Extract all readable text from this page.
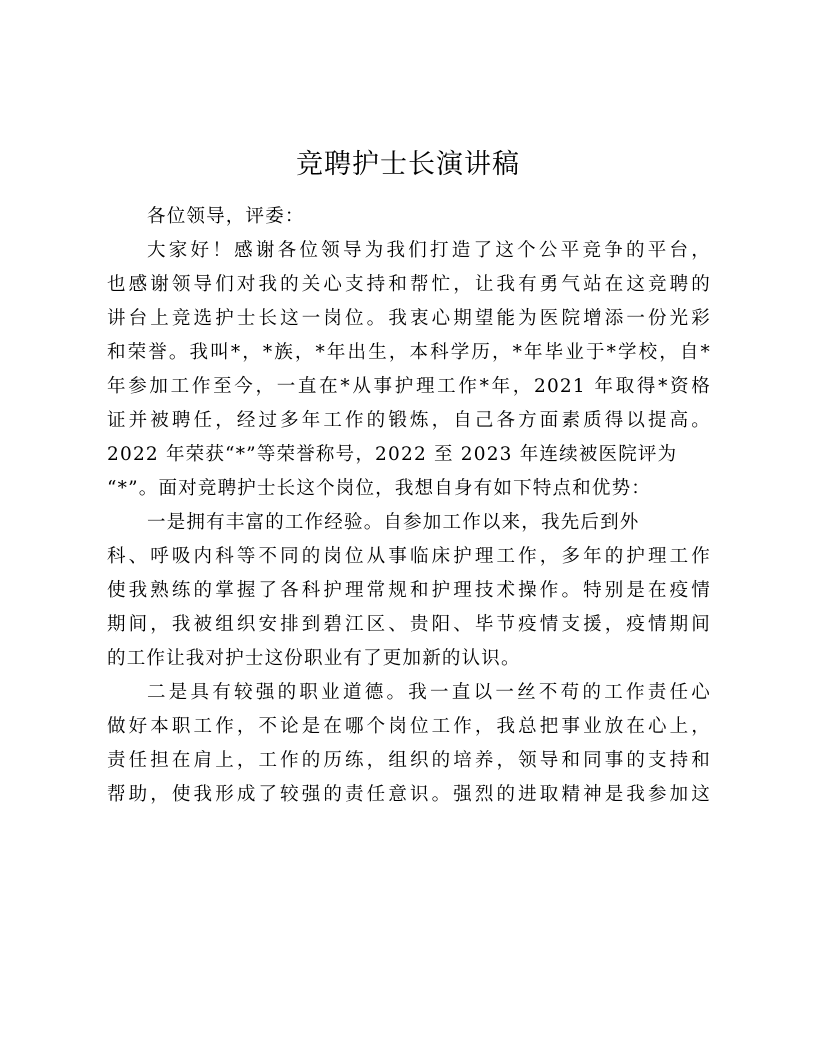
竞聘护士长演讲稿
各位领导，评委：
大家好！感谢各位领导为我们打造了这个公平竞争的平台，
也感谢领导们对我的关心支持和帮忙，让我有勇气站在这竞聘的
讲台上竞选护士长这一岗位。我衷心期望能为医院增添一份光彩
和荣誉。我叫*，*族，*年出生，本科学历，*年毕业于*学校，自*
年参加工作至今，一直在*从事护理工作*年，2021 年取得*资格
证并被聘任，经过多年工作的锻炼，自己各方面素质得以提高。
2022 年荣获“*”等荣誉称号，2022 至 2023 年连续被医院评为
“*”。面对竞聘护士长这个岗位，我想自身有如下特点和优势：
一是拥有丰富的工作经验。自参加工作以来，我先后到外
科、呼吸内科等不同的岗位从事临床护理工作，多年的护理工作
使我熟练的掌握了各科护理常规和护理技术操作。特别是在疫情
期间，我被组织安排到碧江区、贵阳、毕节疫情支援，疫情期间
的工作让我对护士这份职业有了更加新的认识。
二是具有较强的职业道德。我一直以一丝不苟的工作责任心
做好本职工作，不论是在哪个岗位工作，我总把事业放在心上，
责任担在肩上，工作的历练，组织的培养，领导和同事的支持和
帮助，使我形成了较强的责任意识。强烈的进取精神是我参加这
